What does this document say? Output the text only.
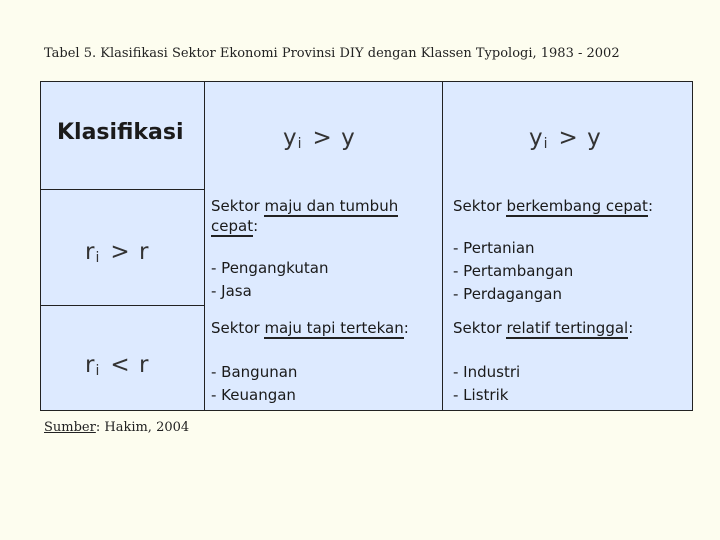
Tabel 5. Klasifikasi Sektor Ekonomi Provinsi DIY dengan Klassen Typologi, 1983 - 2002
Klasifikasi	yi > y	yi > y
ri > r
ri < r
Sektor maju dan tumbuh cepat:
- Pengangkutan
- Jasa
Sektor berkembang cepat:
- Pertanian
- Pertambangan
- Perdagangan
Sektor maju tapi tertekan:
- Bangunan
- Keuangan
Sektor relatif tertinggal:
- Industri
- Listrik
Sumber: Hakim, 2004
